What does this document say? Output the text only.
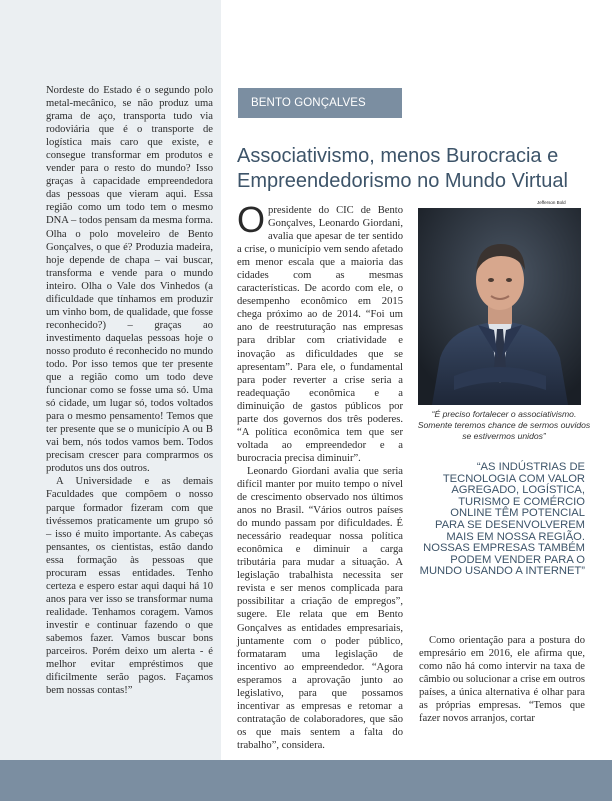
Nordeste do Estado é o segundo polo metal-mecânico, se não produz uma grama de aço, transporta tudo via rodoviária que é o transporte de logística mais caro que existe, e consegue transformar em produtos e vender para o resto do mundo? Isso graças à capacidade empreendedora das pessoas que vieram aqui. Essa região como um todo tem o mesmo DNA – todos pensam da mesma forma. Olha o polo moveleiro de Bento Gonçalves, o que é? Produzia madeira, hoje depende de chapa – vai buscar, transforma e vende para o mundo inteiro. Olha o Vale dos Vinhedos (a dificuldade que tínhamos em produzir um vinho bom, de qualidade, que fosse reconhecido?) – graças ao investimento daquelas pessoas hoje o nosso produto é reconhecido no mundo todo. Por isso temos que ter presente que a região como um todo deve funcionar como se fosse uma só. Uma só cidade, um lugar só, todos voltados para o mesmo pensamento! Temos que ter presente que se o município A ou B vai bem, nós todos vamos bem. Todos precisam crescer para comprarmos os produtos uns dos outros.

A Universidade e as demais Faculdades que compõem o nosso parque formador fizeram com que tivéssemos praticamente um grupo só – isso é muito importante. As cabeças pensantes, os cientistas, estão dando essa formação às pessoas que procuram essas entidades. Tenho certeza e espero estar aqui daqui há 10 anos para ver isso se transformar numa realidade. Tenhamos coragem. Vamos investir e continuar fazendo o que sabemos fazer. Vamos buscar bons parceiros. Porém deixo um alerta - é melhor evitar empréstimos que dificilmente serão pagos. Façamos bem nossas contas!”

BENTO GONÇALVES
Associativismo, menos Burocracia e
Empreendedorismo no Mundo Virtual

Opresidente do CIC de Bento Gonçalves, Leonardo Giordani, avalia que apesar de ter sentido a crise, o município vem sendo afetado em menor escala que a maioria das cidades com as mesmas características. De acordo com ele, o desempenho econômico em 2015 chega próximo ao de 2014. “Foi um ano de reestruturação nas empresas para driblar com criatividade e inovação as dificuldades que se apresentam”. Para ele, o fundamental para poder reverter a crise seria a readequação econômica e a diminuição de gastos públicos por parte dos governos dos três poderes. “A política econômica tem que ser voltada ao empreendedor e a burocracia precisa diminuir”.

Leonardo Giordani avalia que seria difícil manter por muito tempo o nível de crescimento observado nos últimos anos no Brasil. “Vários outros países do mundo passam por dificuldades. É necessário readequar nossa política econômica e diminuir a carga tributária para mudar a situação. A legislação trabalhista necessita ser revista e ser menos complicada para possibilitar a criação de empregos”, sugere. Ele relata que em Bento Gonçalves as entidades empresariais, juntamente com o poder público, formataram uma legislação de incentivo ao empreendedor. “Agora esperamos a aprovação junto ao legislativo, para que possamos incentivar as empresas e retomar a contratação de colaboradores, que são os que mais sentem a falta do trabalho”, considera.

Jefferson Bold
“É preciso fortalecer o associativismo. Somente teremos chance de sermos ouvidos se estivermos unidos”
“AS INDÚSTRIAS DE TECNOLOGIA COM VALOR AGREGADO, LOGÍSTICA, TURISMO E COMÉRCIO ONLINE TÊM POTENCIAL PARA SE DESENVOLVEREM MAIS EM NOSSA REGIÃO. NOSSAS EMPRESAS TAMBÉM PODEM VENDER PARA O MUNDO USANDO A INTERNET”

Como orientação para a postura do empresário em 2016, ele afirma que, como não há como intervir na taxa de câmbio ou solucionar a crise em outros países, a única alternativa é olhar para as próprias empresas. “Temos que fazer novos arranjos, cortar
